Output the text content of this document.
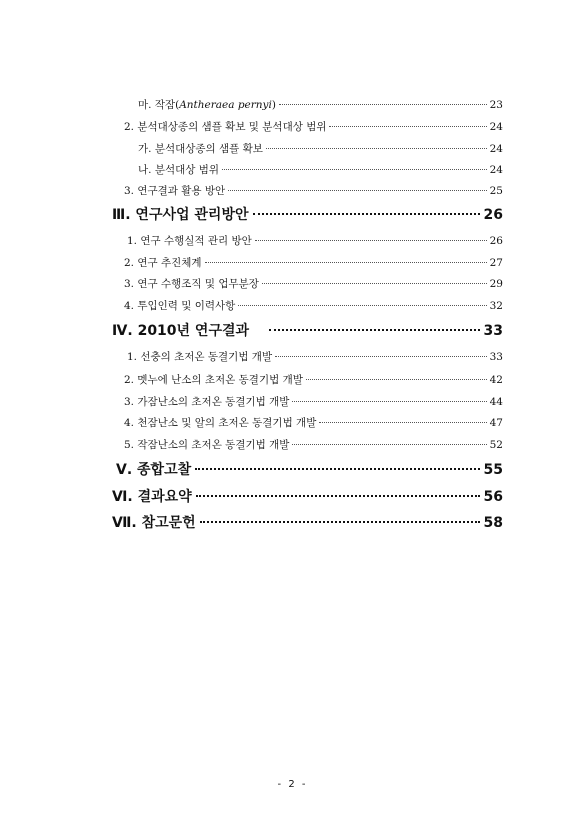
마. 작잠(Antheraea pernyi)	23
2. 분석대상종의 샘플 확보 및 분석대상 범위	24
가. 분석대상종의 샘플 확보	24
나. 분석대상 범위	24
3. 연구결과 활용 방안	25
Ⅲ. 연구사업 관리방안	26
1. 연구 수행실적 관리 방안	26
2. 연구 추진체계	27
3. 연구 수행조직 및 업무분장	29
4. 투입인력 및 이력사항	32
Ⅳ. 2010년 연구결과	33
1. 선충의 초저온 동결기법 개발	33
2. 멧누에 난소의 초저온 동결기법 개발	42
3. 가잠난소의 초저온 동결기법 개발	44
4. 천잠난소 및 알의 초저온 동결기법 개발	47
5. 작잠난소의 초저온 동결기법 개발	52
Ⅴ. 종합고찰	55
Ⅵ. 결과요약	56
Ⅶ. 참고문헌	58
- 2 -
